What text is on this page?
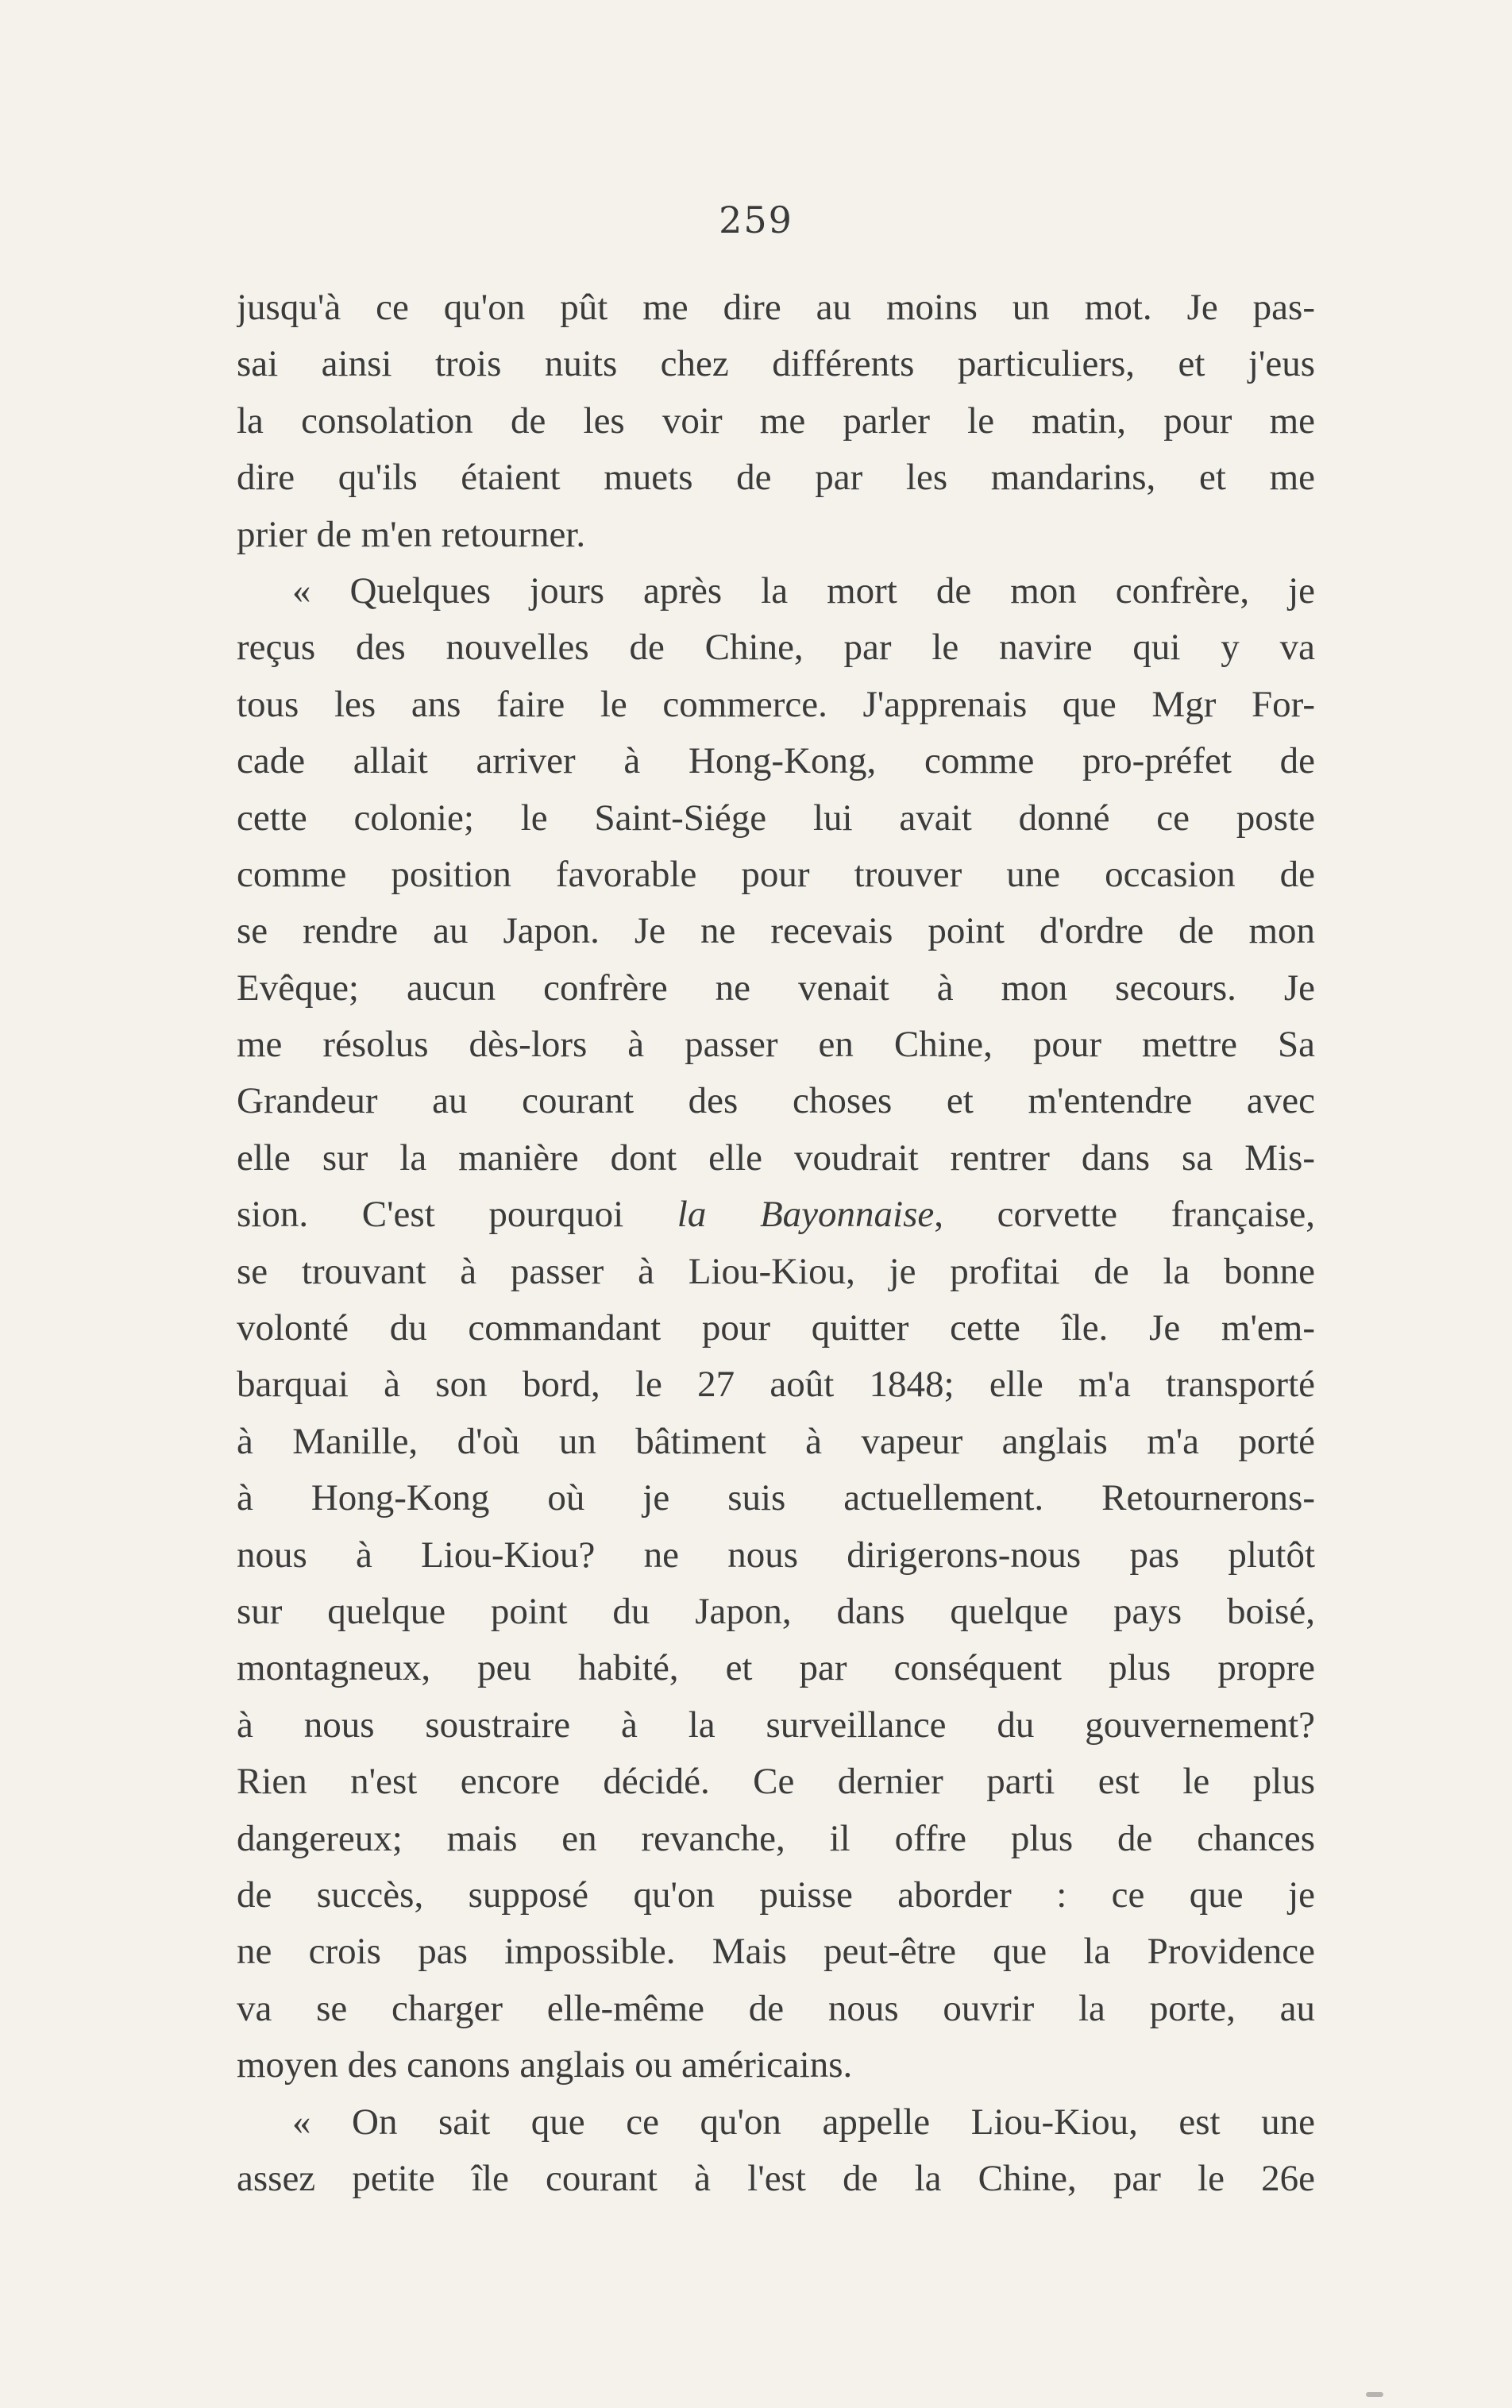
259
jusqu'à ce qu'on pût me dire au moins un mot. Je pas-
sai ainsi trois nuits chez différents particuliers, et j'eus
la consolation de les voir me parler le matin, pour me
dire qu'ils étaient muets de par les mandarins, et me
prier de m'en retourner.
« Quelques jours après la mort de mon confrère, je
reçus des nouvelles de Chine, par le navire qui y va
tous les ans faire le commerce. J'apprenais que Mgr For-
cade allait arriver à Hong-Kong, comme pro-préfet de
cette colonie; le Saint-Siége lui avait donné ce poste
comme position favorable pour trouver une occasion de
se rendre au Japon. Je ne recevais point d'ordre de mon
Evêque; aucun confrère ne venait à mon secours. Je
me résolus dès-lors à passer en Chine, pour mettre Sa
Grandeur au courant des choses et m'entendre avec
elle sur la manière dont elle voudrait rentrer dans sa Mis-
sion. C'est pourquoi la Bayonnaise, corvette française,
se trouvant à passer à Liou-Kiou, je profitai de la bonne
volonté du commandant pour quitter cette île. Je m'em-
barquai à son bord, le 27 août 1848; elle m'a transporté
à Manille, d'où un bâtiment à vapeur anglais m'a porté
à Hong-Kong où je suis actuellement. Retournerons-
nous à Liou-Kiou? ne nous dirigerons-nous pas plutôt
sur quelque point du Japon, dans quelque pays boisé,
montagneux, peu habité, et par conséquent plus propre
à nous soustraire à la surveillance du gouvernement?
Rien n'est encore décidé. Ce dernier parti est le plus
dangereux; mais en revanche, il offre plus de chances
de succès, supposé qu'on puisse aborder : ce que je
ne crois pas impossible. Mais peut-être que la Providence
va se charger elle-même de nous ouvrir la porte, au
moyen des canons anglais ou américains.
« On sait que ce qu'on appelle Liou-Kiou, est une
assez petite île courant à l'est de la Chine, par le 26e
